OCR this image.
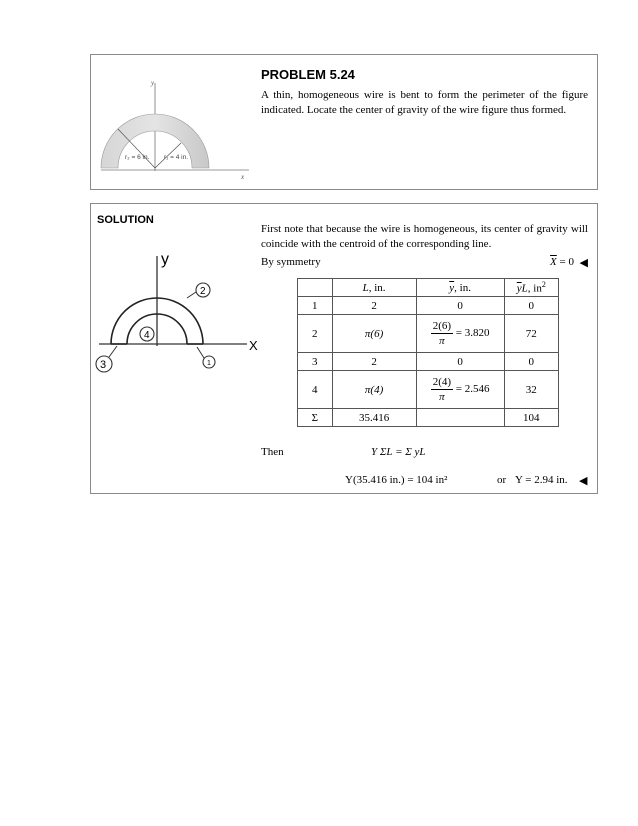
y
x
r₂ = 6 in. r₁ = 4 in.
PROBLEM 5.24
A thin, homogeneous wire is bent to form the perimeter of the figure indicated. Locate the center of gravity of the wire figure thus formed.
SOLUTION
2
4
3	1
y
X
First note that because the wire is homogeneous, its center of gravity will coincide with the centroid of the corresponding line.
By symmetry	$\overline{X} = 0$ ◀
	L, in.	$\overline{y}$, in.	$\overline{y}L$, $in^2$
1	2	0	0
2	π(6)	$\frac{2(6)}{\pi} = 3.820$	72
3	2	0	0
4	π(4)	$\frac{2(4)}{\pi} = 2.546$	32
Σ	35.416		104
Then	Y ΣL = Σ yL
Y(35.416 in.) = 104 in²	or Y = 2.94 in. ◀
